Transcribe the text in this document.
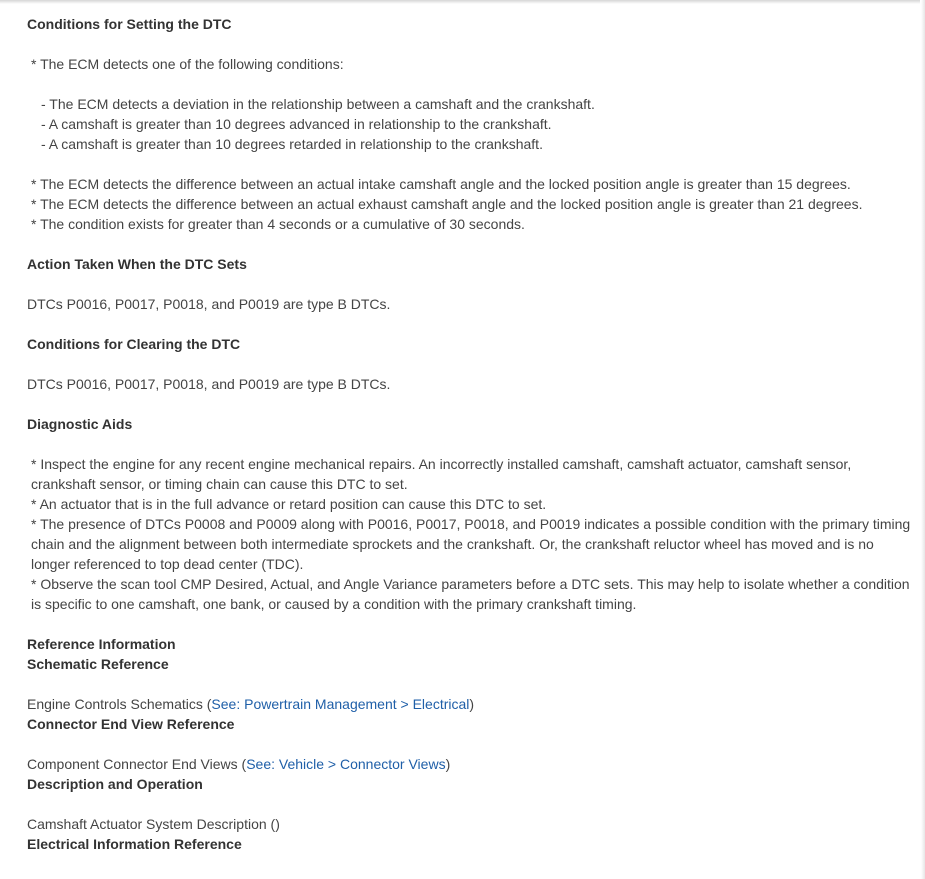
Conditions for Setting the DTC
* The ECM detects one of the following conditions:
- The ECM detects a deviation in the relationship between a camshaft and the crankshaft.
- A camshaft is greater than 10 degrees advanced in relationship to the crankshaft.
- A camshaft is greater than 10 degrees retarded in relationship to the crankshaft.
* The ECM detects the difference between an actual intake camshaft angle and the locked position angle is greater than 15 degrees.
* The ECM detects the difference between an actual exhaust camshaft angle and the locked position angle is greater than 21 degrees.
* The condition exists for greater than 4 seconds or a cumulative of 30 seconds.
Action Taken When the DTC Sets
DTCs P0016, P0017, P0018, and P0019 are type B DTCs.
Conditions for Clearing the DTC
DTCs P0016, P0017, P0018, and P0019 are type B DTCs.
Diagnostic Aids
* Inspect the engine for any recent engine mechanical repairs. An incorrectly installed camshaft, camshaft actuator, camshaft sensor, crankshaft sensor, or timing chain can cause this DTC to set.
* An actuator that is in the full advance or retard position can cause this DTC to set.
* The presence of DTCs P0008 and P0009 along with P0016, P0017, P0018, and P0019 indicates a possible condition with the primary timing chain and the alignment between both intermediate sprockets and the crankshaft. Or, the crankshaft reluctor wheel has moved and is no longer referenced to top dead center (TDC).
* Observe the scan tool CMP Desired, Actual, and Angle Variance parameters before a DTC sets. This may help to isolate whether a condition is specific to one camshaft, one bank, or caused by a condition with the primary crankshaft timing.
Reference Information
Schematic Reference
Engine Controls Schematics (See: Powertrain Management > Electrical)
Connector End View Reference
Component Connector End Views (See: Vehicle > Connector Views)
Description and Operation
Camshaft Actuator System Description ()
Electrical Information Reference
